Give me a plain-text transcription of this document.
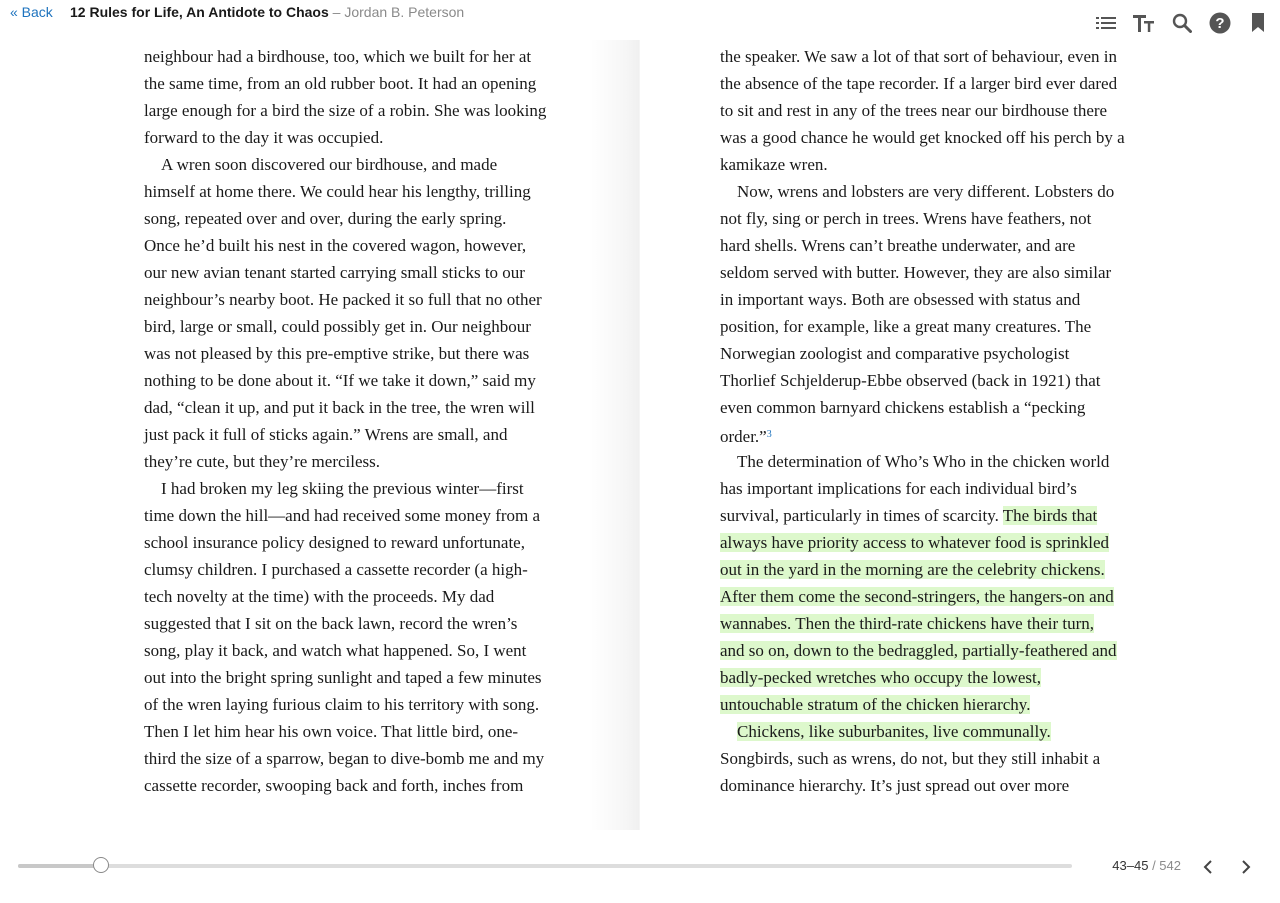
« Back 12 Rules for Life, An Antidote to Chaos – Jordan B. Peterson
?
neighbour had a birdhouse, too, which we built for her at
the same time, from an old rubber boot. It had an opening
large enough for a bird the size of a robin. She was looking
forward to the day it was occupied.
 A wren soon discovered our birdhouse, and made
himself at home there. We could hear his lengthy, trilling
song, repeated over and over, during the early spring.
Once he’d built his nest in the covered wagon, however,
our new avian tenant started carrying small sticks to our
neighbour’s nearby boot. He packed it so full that no other
bird, large or small, could possibly get in. Our neighbour
was not pleased by this pre-emptive strike, but there was
nothing to be done about it. “If we take it down,” said my
dad, “clean it up, and put it back in the tree, the wren will
just pack it full of sticks again.” Wrens are small, and
they’re cute, but they’re merciless.
 I had broken my leg skiing the previous winter—first
time down the hill—and had received some money from a
school insurance policy designed to reward unfortunate,
clumsy children. I purchased a cassette recorder (a high-
tech novelty at the time) with the proceeds. My dad
suggested that I sit on the back lawn, record the wren’s
song, play it back, and watch what happened. So, I went
out into the bright spring sunlight and taped a few minutes
of the wren laying furious claim to his territory with song.
Then I let him hear his own voice. That little bird, one-
third the size of a sparrow, began to dive-bomb me and my
cassette recorder, swooping back and forth, inches from
the speaker. We saw a lot of that sort of behaviour, even in
the absence of the tape recorder. If a larger bird ever dared
to sit and rest in any of the trees near our birdhouse there
was a good chance he would get knocked off his perch by a
kamikaze wren.
 Now, wrens and lobsters are very different. Lobsters do
not fly, sing or perch in trees. Wrens have feathers, not
hard shells. Wrens can’t breathe underwater, and are
seldom served with butter. However, they are also similar
in important ways. Both are obsessed with status and
position, for example, like a great many creatures. The
Norwegian zoologist and comparative psychologist
Thorlief Schjelderup-Ebbe observed (back in 1921) that
even common barnyard chickens establish a “pecking
order.”$^3$
 The determination of Who’s Who in the chicken world
has important implications for each individual bird’s
survival, particularly in times of scarcity. The birds that
always have priority access to whatever food is sprinkled
out in the yard in the morning are the celebrity chickens.
After them come the second-stringers, the hangers-on and
wannabes. Then the third-rate chickens have their turn,
and so on, down to the bedraggled, partially-feathered and
badly-pecked wretches who occupy the lowest,
untouchable stratum of the chicken hierarchy.
 Chickens, like suburbanites, live communally.
Songbirds, such as wrens, do not, but they still inhabit a
dominance hierarchy. It’s just spread out over more
43–45 / 542
